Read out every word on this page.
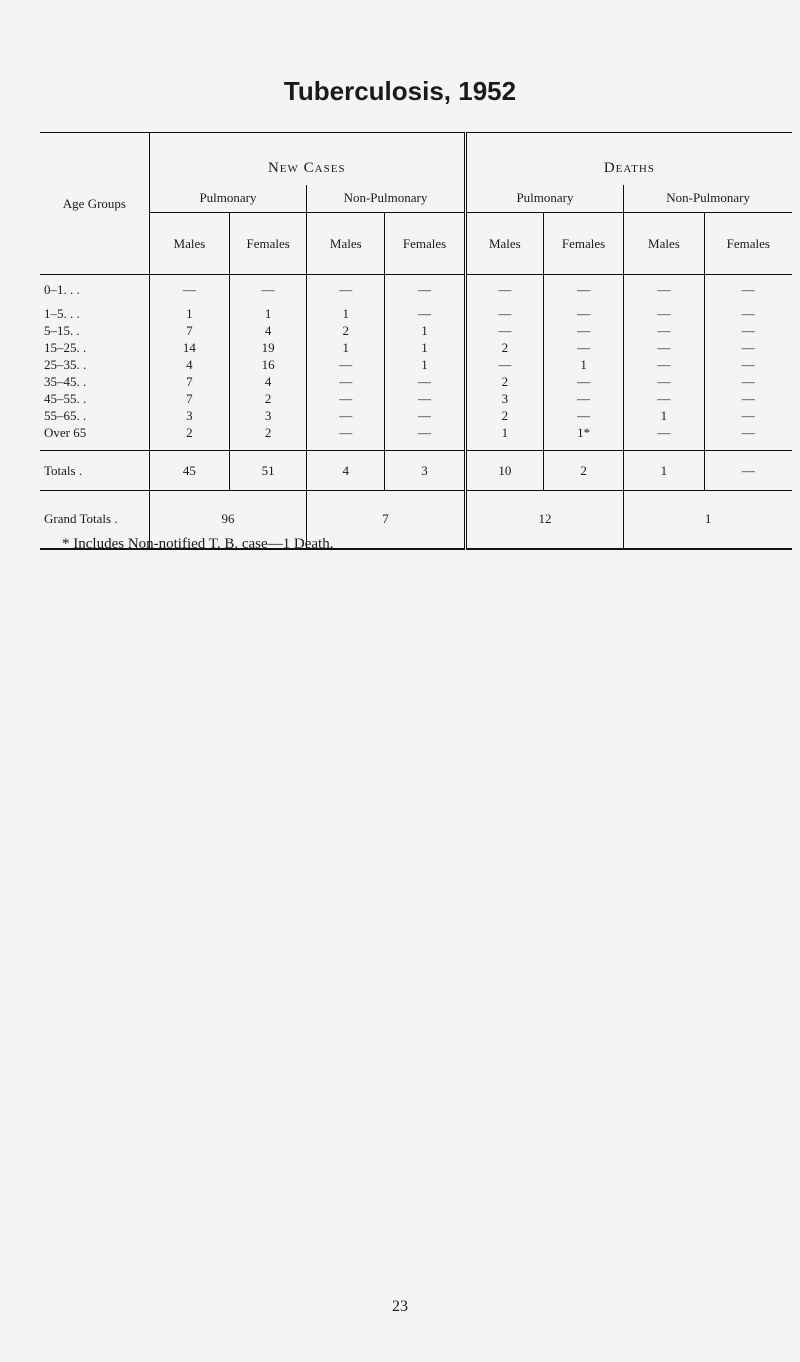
Tuberculosis, 1952
Age Groups	New Cases				Deaths			
	Pulmonary		Non-Pulmonary		Pulmonary		Non-Pulmonary	
	Males	Females	Males	Females	Males	Females	Males	Females
0–1. . .	—	—	—	—	—	—	—	—
1–5. . .	1	1	1	—	—	—	—	—
5–15. .	7	4	2	1	—	—	—	—
15–25. .	14	19	1	1	2	—	—	—
25–35. .	4	16	—	1	—	1	—	—
35–45. .	7	4	—	—	2	—	—	—
45–55. .	7	2	—	—	3	—	—	—
55–65. .	3	3	—	—	2	—	1	—
Over 65	2	2	—	—	1	1*	—	—

Totals .	45	51	4	3	10	2	1	—
Grand Totals .	96		7		12		1	
* Includes Non-notified T. B. case—1 Death.
23
